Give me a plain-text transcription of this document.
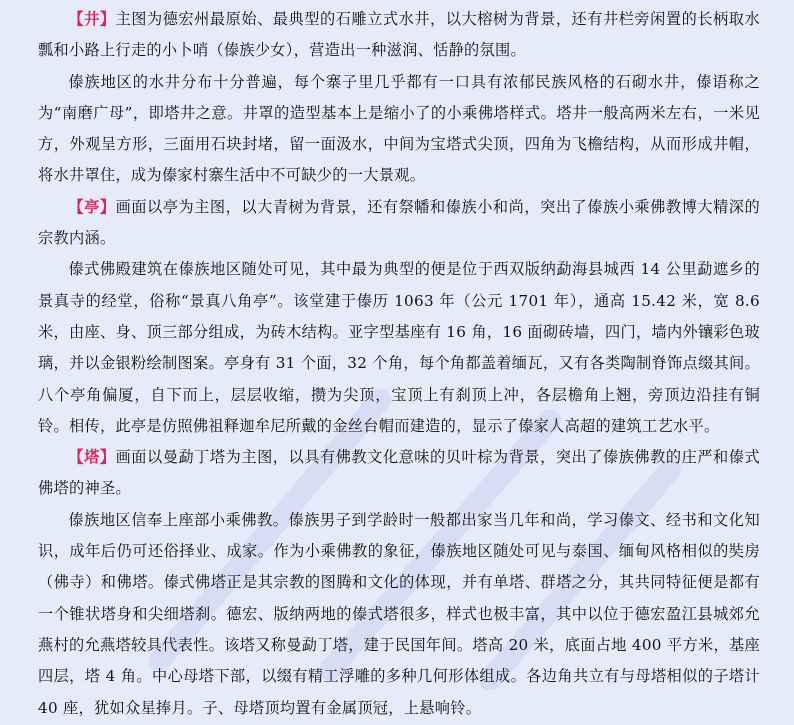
【井】主图为德宏州最原始、最典型的石雕立式水井，以大榕树为背景，还有井栏旁闲置的长柄取水瓢和小路上行走的小卜哨（傣族少女），营造出一种滋润、恬静的氛围。

傣族地区的水井分布十分普遍，每个寨子里几乎都有一口具有浓郁民族风格的石砌水井，傣语称之为“南磨广母”，即塔井之意。井罩的造型基本上是缩小了的小乘佛塔样式。塔井一般高两米左右，一米见方，外观呈方形，三面用石块封堵，留一面汲水，中间为宝塔式尖顶，四角为飞檐结构，从而形成井帽，将水井罩住，成为傣家村寨生活中不可缺少的一大景观。

【亭】画面以亭为主图，以大青树为背景，还有祭幡和傣族小和尚，突出了傣族小乘佛教博大精深的宗教内涵。

傣式佛殿建筑在傣族地区随处可见，其中最为典型的便是位于西双版纳勐海县城西 14 公里勐遮乡的景真寺的经堂，俗称“景真八角亭”。该堂建于傣历 1063 年（公元 1701 年），通高 15.42 米，宽 8.6 米，由座、身、顶三部分组成，为砖木结构。亚字型基座有 16 角，16 面砌砖墙，四门，墙内外镶彩色玻璃，并以金银粉绘制图案。亭身有 31 个面，32 个角，每个角都盖着缅瓦，又有各类陶制脊饰点缀其间。八个亭角偏厦，自下而上，层层收缩，攒为尖顶，宝顶上有刹顶上冲，各层檐角上翘，旁顶边沿挂有铜铃。相传，此亭是仿照佛祖释迦牟尼所戴的金丝台帽而建造的，显示了傣家人高超的建筑工艺水平。

【塔】画面以曼勐丁塔为主图，以具有佛教文化意味的贝叶棕为背景，突出了傣族佛教的庄严和傣式佛塔的神圣。

傣族地区信奉上座部小乘佛教。傣族男子到学龄时一般都出家当几年和尚，学习傣文、经书和文化知识，成年后仍可还俗择业、成家。作为小乘佛教的象征，傣族地区随处可见与泰国、缅甸风格相似的奘房（佛寺）和佛塔。傣式佛塔正是其宗教的图腾和文化的体现，并有单塔、群塔之分，其共同特征便是都有一个锥状塔身和尖细塔刹。德宏、版纳两地的傣式塔很多，样式也极丰富，其中以位于德宏盈江县城郊允燕村的允燕塔较具代表性。该塔又称曼勐丁塔，建于民国年间。塔高 20 米，底面占地 400 平方米，基座四层，塔 4 角。中心母塔下部，以缀有精工浮雕的多种几何形体组成。各边角共立有与母塔相似的子塔计 40 座，犹如众星捧月。子、母塔顶均置有金属顶冠，上悬响铃。
